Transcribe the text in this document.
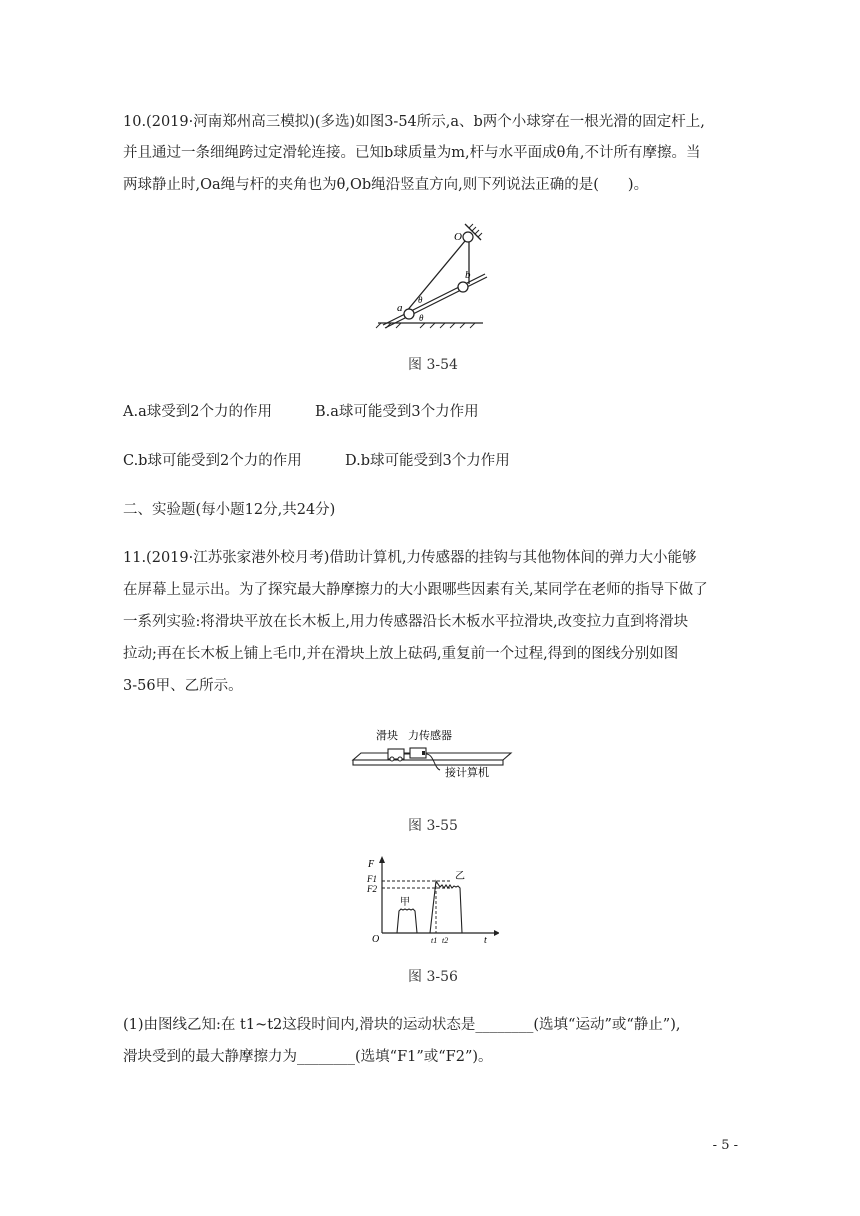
10.(2019·河南郑州高三模拟)(多选)如图3-54所示,a、b两个小球穿在一根光滑的固定杆上,
并且通过一条细绳跨过定滑轮连接。已知b球质量为m,杆与水平面成θ角,不计所有摩擦。当
两球静止时,Oa绳与杆的夹角也为θ,Ob绳沿竖直方向,则下列说法正确的是(　　)。
O
b
a
θ
θ
图 3-54
A.a球受到2个力的作用	B.a球可能受到3个力作用
C.b球可能受到2个力的作用	D.b球可能受到3个力作用
二、实验题(每小题12分,共24分)
11.(2019·江苏张家港外校月考)借助计算机,力传感器的挂钩与其他物体间的弹力大小能够
在屏幕上显示出。为了探究最大静摩擦力的大小跟哪些因素有关,某同学在老师的指导下做了
一系列实验:将滑块平放在长木板上,用力传感器沿长木板水平拉滑块,改变拉力直到将滑块
拉动;再在长木板上铺上毛巾,并在滑块上放上砝码,重复前一个过程,得到的图线分别如图
3-56甲、乙所示。
滑块 力传感器
接计算机
图 3-55
F
O	t
F1
F2
甲
乙
t1 t2
图 3-56
(1)由图线乙知:在 t1~t2这段时间内,滑块的运动状态是________(选填“运动”或“静止”),
滑块受到的最大静摩擦力为________(选填“F1”或“F2”)。
- 5 -
